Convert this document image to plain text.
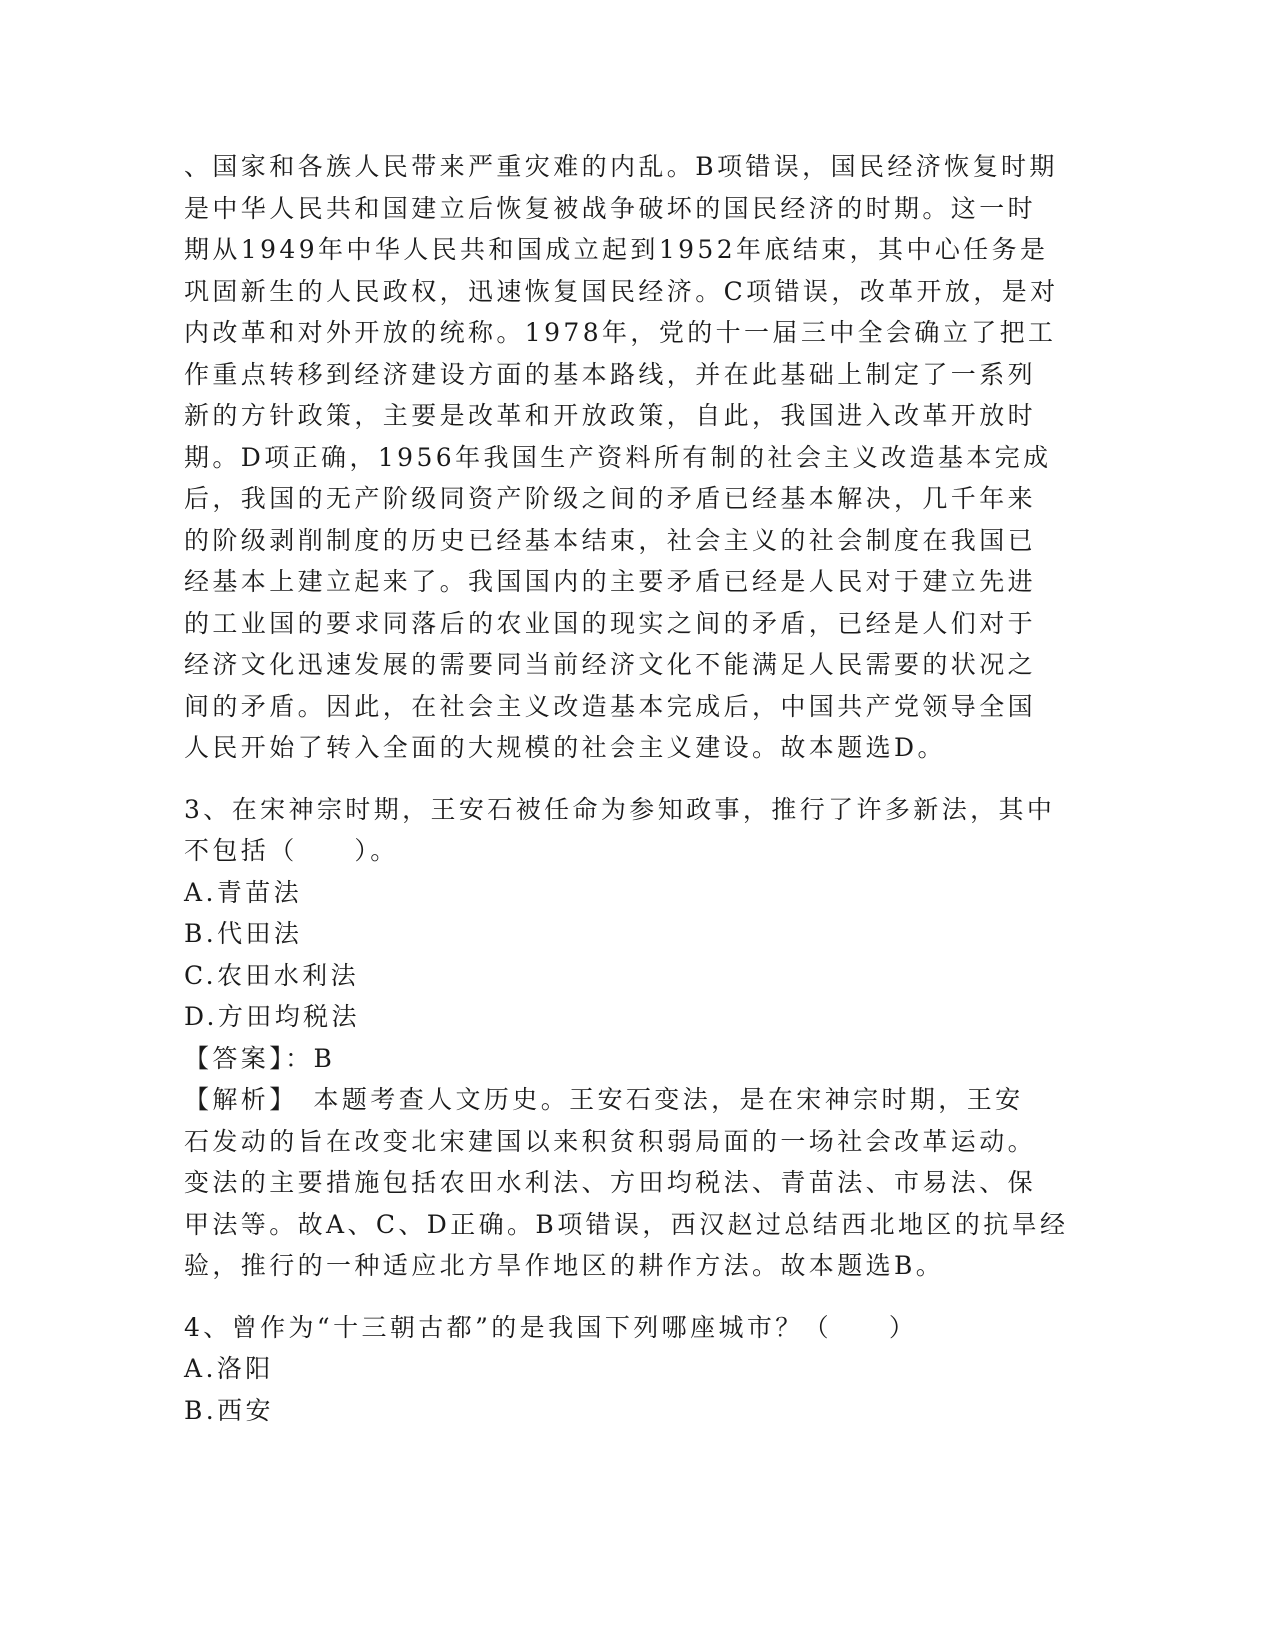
、国家和各族人民带来严重灾难的内乱。B项错误，国民经济恢复时期
是中华人民共和国建立后恢复被战争破坏的国民经济的时期。这一时
期从1949年中华人民共和国成立起到1952年底结束，其中心任务是
巩固新生的人民政权，迅速恢复国民经济。C项错误，改革开放，是对
内改革和对外开放的统称。1978年，党的十一届三中全会确立了把工
作重点转移到经济建设方面的基本路线，并在此基础上制定了一系列
新的方针政策，主要是改革和开放政策，自此，我国进入改革开放时
期。D项正确，1956年我国生产资料所有制的社会主义改造基本完成
后，我国的无产阶级同资产阶级之间的矛盾已经基本解决，几千年来
的阶级剥削制度的历史已经基本结束，社会主义的社会制度在我国已
经基本上建立起来了。我国国内的主要矛盾已经是人民对于建立先进
的工业国的要求同落后的农业国的现实之间的矛盾，已经是人们对于
经济文化迅速发展的需要同当前经济文化不能满足人民需要的状况之
间的矛盾。因此，在社会主义改造基本完成后，中国共产党领导全国
人民开始了转入全面的大规模的社会主义建设。故本题选D。
3、在宋神宗时期，王安石被任命为参知政事，推行了许多新法，其中
不包括（　　）。
A.青苗法
B.代田法
C.农田水利法
D.方田均税法
【答案】：B
【解析】　本题考查人文历史。王安石变法，是在宋神宗时期，王安
石发动的旨在改变北宋建国以来积贫积弱局面的一场社会改革运动。
变法的主要措施包括农田水利法、方田均税法、青苗法、市易法、保
甲法等。故A、C、D正确。B项错误，西汉赵过总结西北地区的抗旱经
验，推行的一种适应北方旱作地区的耕作方法。故本题选B。
4、曾作为“十三朝古都”的是我国下列哪座城市？（　　）
A.洛阳
B.西安
